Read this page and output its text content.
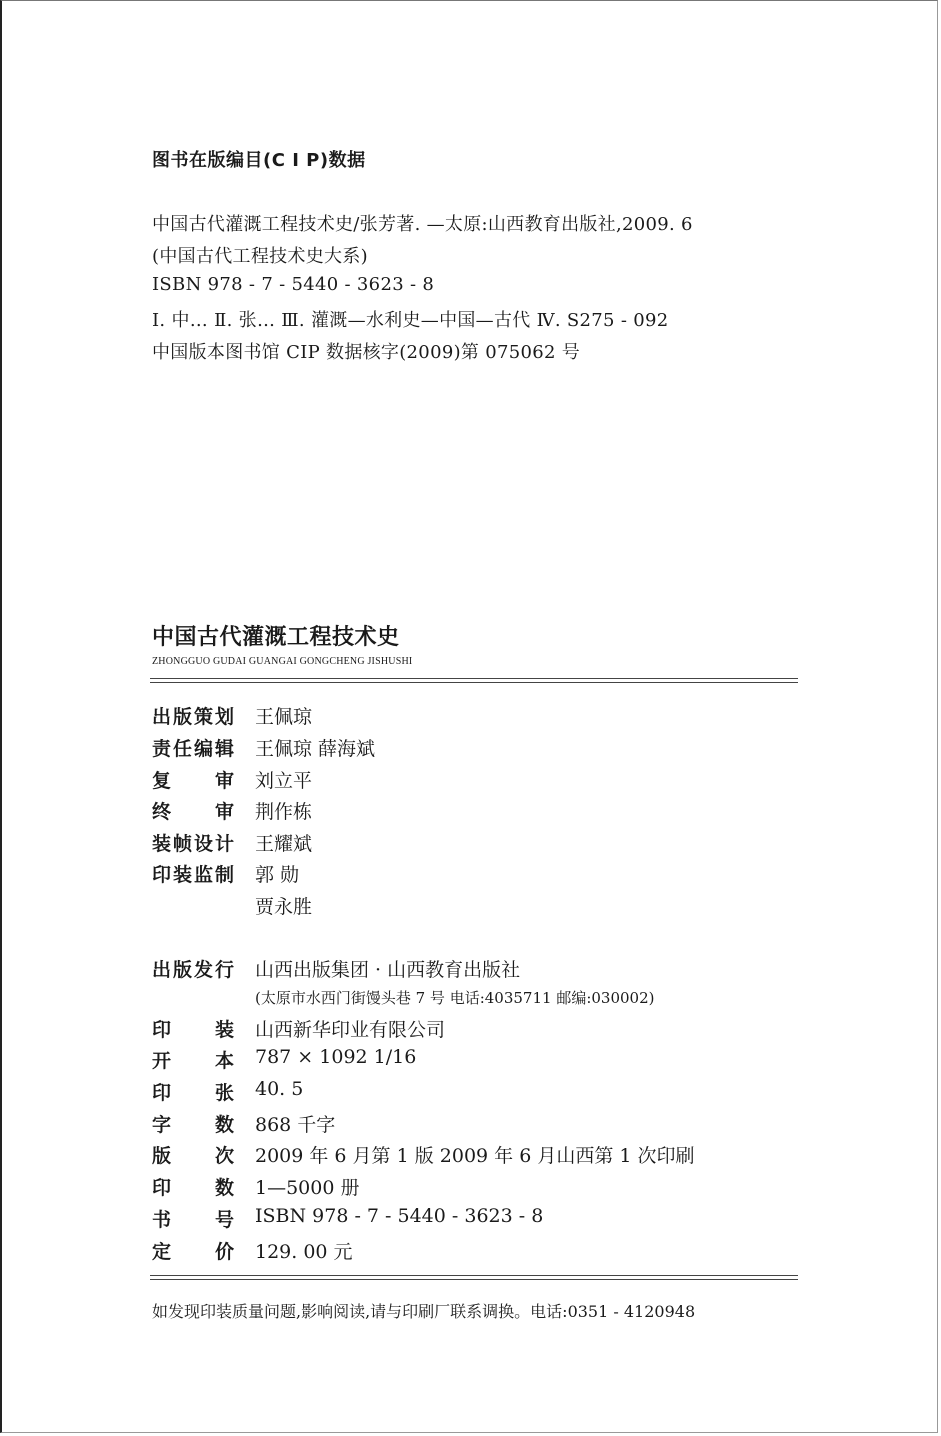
图书在版编目(C I P)数据
中国古代灌溉工程技术史/张芳著. —太原:山西教育出版社,2009. 6
(中国古代工程技术史大系)
ISBN 978 - 7 - 5440 - 3623 - 8
Ⅰ. 中… Ⅱ. 张… Ⅲ. 灌溉—水利史—中国—古代 Ⅳ. S275 - 092
中国版本图书馆 CIP 数据核字(2009)第 075062 号
中国古代灌溉工程技术史
ZHONGGUO GUDAI GUANGAI GONGCHENG JISHUSHI
出 版 策 划 王佩琼
责 任 编 辑 王佩琼 薛海斌
复 审 刘立平
终 审 荆作栋
装 帧 设 计 王耀斌
印 装 监 制 郭 勋
贾永胜
出 版 发 行 山西出版集团 · 山西教育出版社
(太原市水西门街馒头巷 7 号 电话:4035711 邮编:030002)
印 装 山西新华印业有限公司
开 本 787 × 1092 1/16
印 张 40. 5
字 数 868 千字
版 次 2009 年 6 月第 1 版 2009 年 6 月山西第 1 次印刷
印 数 1—5000 册
书 号 ISBN 978 - 7 - 5440 - 3623 - 8
定 价 129. 00 元
如发现印装质量问题,影响阅读,请与印刷厂联系调换。电话:0351 - 4120948
